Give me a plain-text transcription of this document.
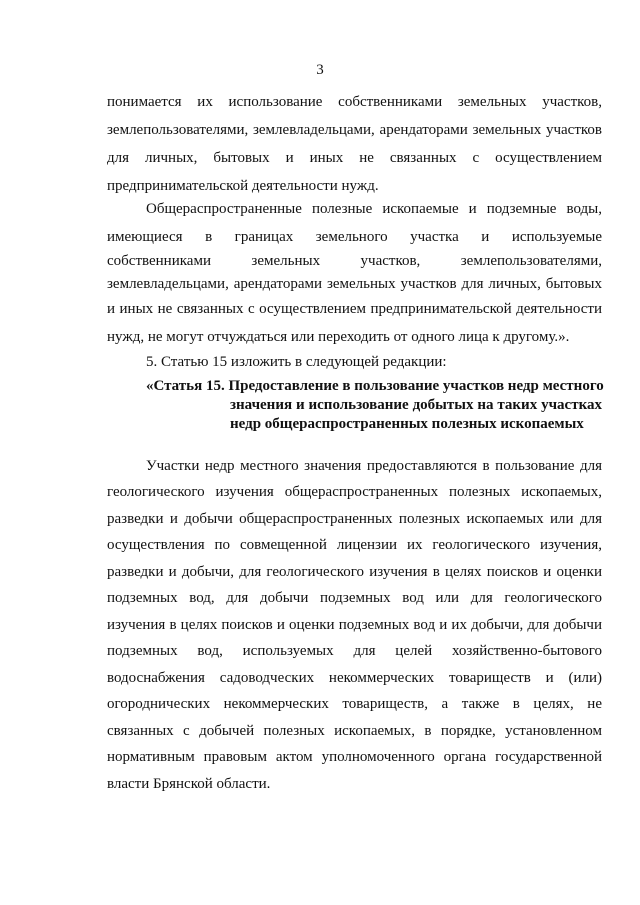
3
понимается их использование собственниками земельных участков,
землепользователями, землевладельцами, арендаторами земельных участков
для личных, бытовых и иных не связанных с осуществлением
предпринимательской деятельности нужд.
Общераспространенные полезные ископаемые и подземные воды,
имеющиеся в границах земельного участка и используемые
собственниками земельных участков, землепользователями,
землевладельцами, арендаторами земельных участков для личных, бытовых
и иных не связанных с осуществлением предпринимательской деятельности
нужд, не могут отчуждаться или переходить от одного лица к другому.».
5. Статью 15 изложить в следующей редакции:
«Статья 15. Предоставление в пользование участков недр местного
значения и использование добытых на таких участках
недр общераспространенных полезных ископаемых
Участки недр местного значения предоставляются в пользование для
геологического изучения общераспространенных полезных ископаемых,
разведки и добычи общераспространенных полезных ископаемых или для
осуществления по совмещенной лицензии их геологического изучения,
разведки и добычи, для геологического изучения в целях поисков и оценки
подземных вод, для добычи подземных вод или для геологического
изучения в целях поисков и оценки подземных вод и их добычи, для добычи
подземных вод, используемых для целей хозяйственно-бытового
водоснабжения садоводческих некоммерческих товариществ и (или)
огороднических некоммерческих товариществ, а также в целях, не
связанных с добычей полезных ископаемых, в порядке, установленном
нормативным правовым актом уполномоченного органа государственной
власти Брянской области.
